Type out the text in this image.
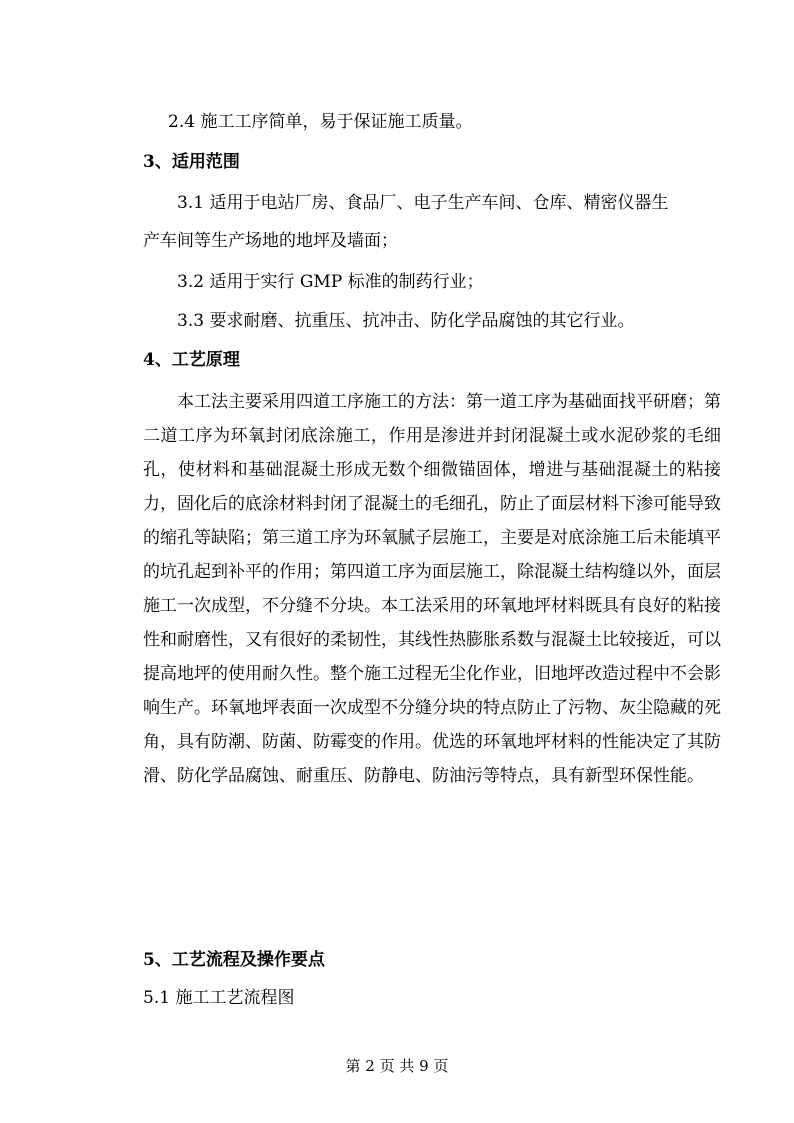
2.4 施工工序简单，易于保证施工质量。
3、适用范围
3.1 适用于电站厂房、食品厂、电子生产车间、仓库、精密仪器生
产车间等生产场地的地坪及墙面；
3.2 适用于实行 GMP 标准的制药行业；
3.3 要求耐磨、抗重压、抗冲击、防化学品腐蚀的其它行业。
4、工艺原理
本工法主要采用四道工序施工的方法：第一道工序为基础面找平研磨；第二道工序为环氧封闭底涂施工，作用是渗进并封闭混凝土或水泥砂浆的毛细孔，使材料和基础混凝土形成无数个细微锚固体，增进与基础混凝土的粘接力，固化后的底涂材料封闭了混凝土的毛细孔，防止了面层材料下渗可能导致的缩孔等缺陷；第三道工序为环氧腻子层施工，主要是对底涂施工后未能填平的坑孔起到补平的作用；第四道工序为面层施工，除混凝土结构缝以外，面层施工一次成型，不分缝不分块。本工法采用的环氧地坪材料既具有良好的粘接性和耐磨性，又有很好的柔韧性，其线性热膨胀系数与混凝土比较接近，可以提高地坪的使用耐久性。整个施工过程无尘化作业，旧地坪改造过程中不会影响生产。环氧地坪表面一次成型不分缝分块的特点防止了污物、灰尘隐藏的死角，具有防潮、防菌、防霉变的作用。优选的环氧地坪材料的性能决定了其防滑、防化学品腐蚀、耐重压、防静电、防油污等特点，具有新型环保性能。
5、工艺流程及操作要点
5.1 施工工艺流程图
第 2 页 共 9 页
